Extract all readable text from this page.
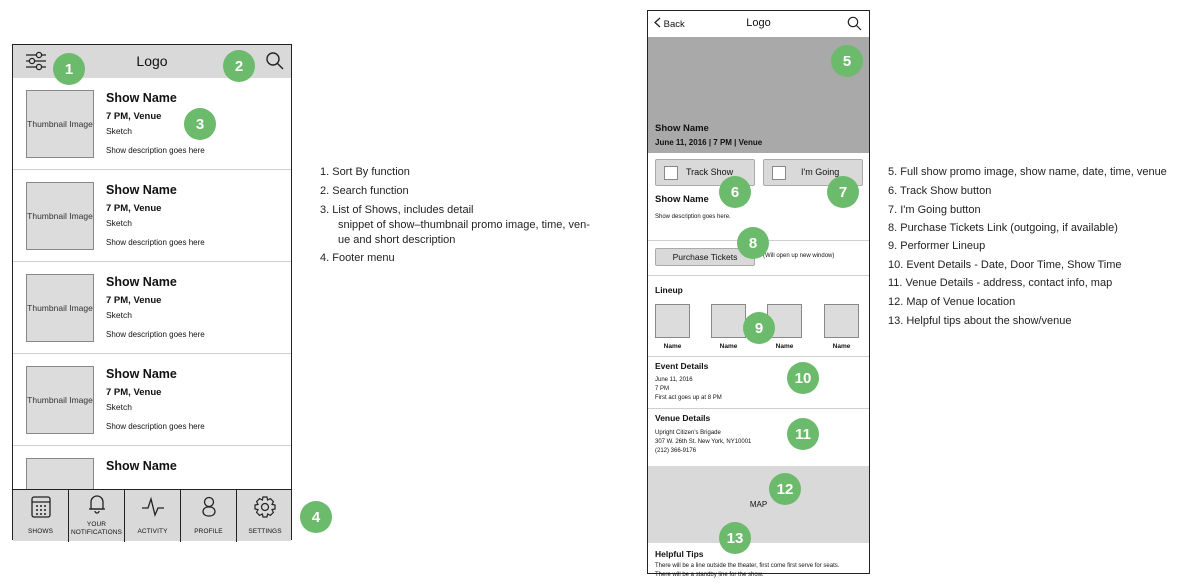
Logo
Thumbnail Image
Show Name
7 PM, Venue
Sketch
Show description goes here
Thumbnail Image
Show Name
7 PM, Venue
Sketch
Show description goes here
Thumbnail Image
Show Name
7 PM, Venue
Sketch
Show description goes here
Thumbnail Image
Show Name
7 PM, Venue
Sketch
Show description goes here
Show Name
SHOWS
YOUR NOTIFICATIONS	ACTIVITY	PROFILE	SETTINGS
1	2
3
4
1. Sort By function
2. Search function
3. List of Shows, includes detail
snippet of show–thumbnail promo image, time, ven-
ue and short description
4. Footer menu
Back	Logo
Show Name
June 11, 2016 | 7 PM | Venue
Track Show	I'm Going
Show Name
Show description goes here.
Purchase Tickets	(Will open up new window)
Lineup
Name	Name	Name	Name
Event Details
June 11, 2016
7 PM
First act goes up at 8 PM
Venue Details
Upright Citizen's Brigade
307 W. 26th St. New York, NY10001
(212) 366-9176
MAP
Helpful Tips
There will be a line outside the theater, first come first serve for seats.
There will be a standby line for the show.
5
6	7
8
9
10
11
12
13
5. Full show promo image, show name, date, time, venue
6. Track Show button
7. I'm Going button
8. Purchase Tickets Link (outgoing, if available)
9. Performer Lineup
10. Event Details - Date, Door Time, Show Time
11. Venue Details - address, contact info, map
12. Map of Venue location
13. Helpful tips about the show/venue
